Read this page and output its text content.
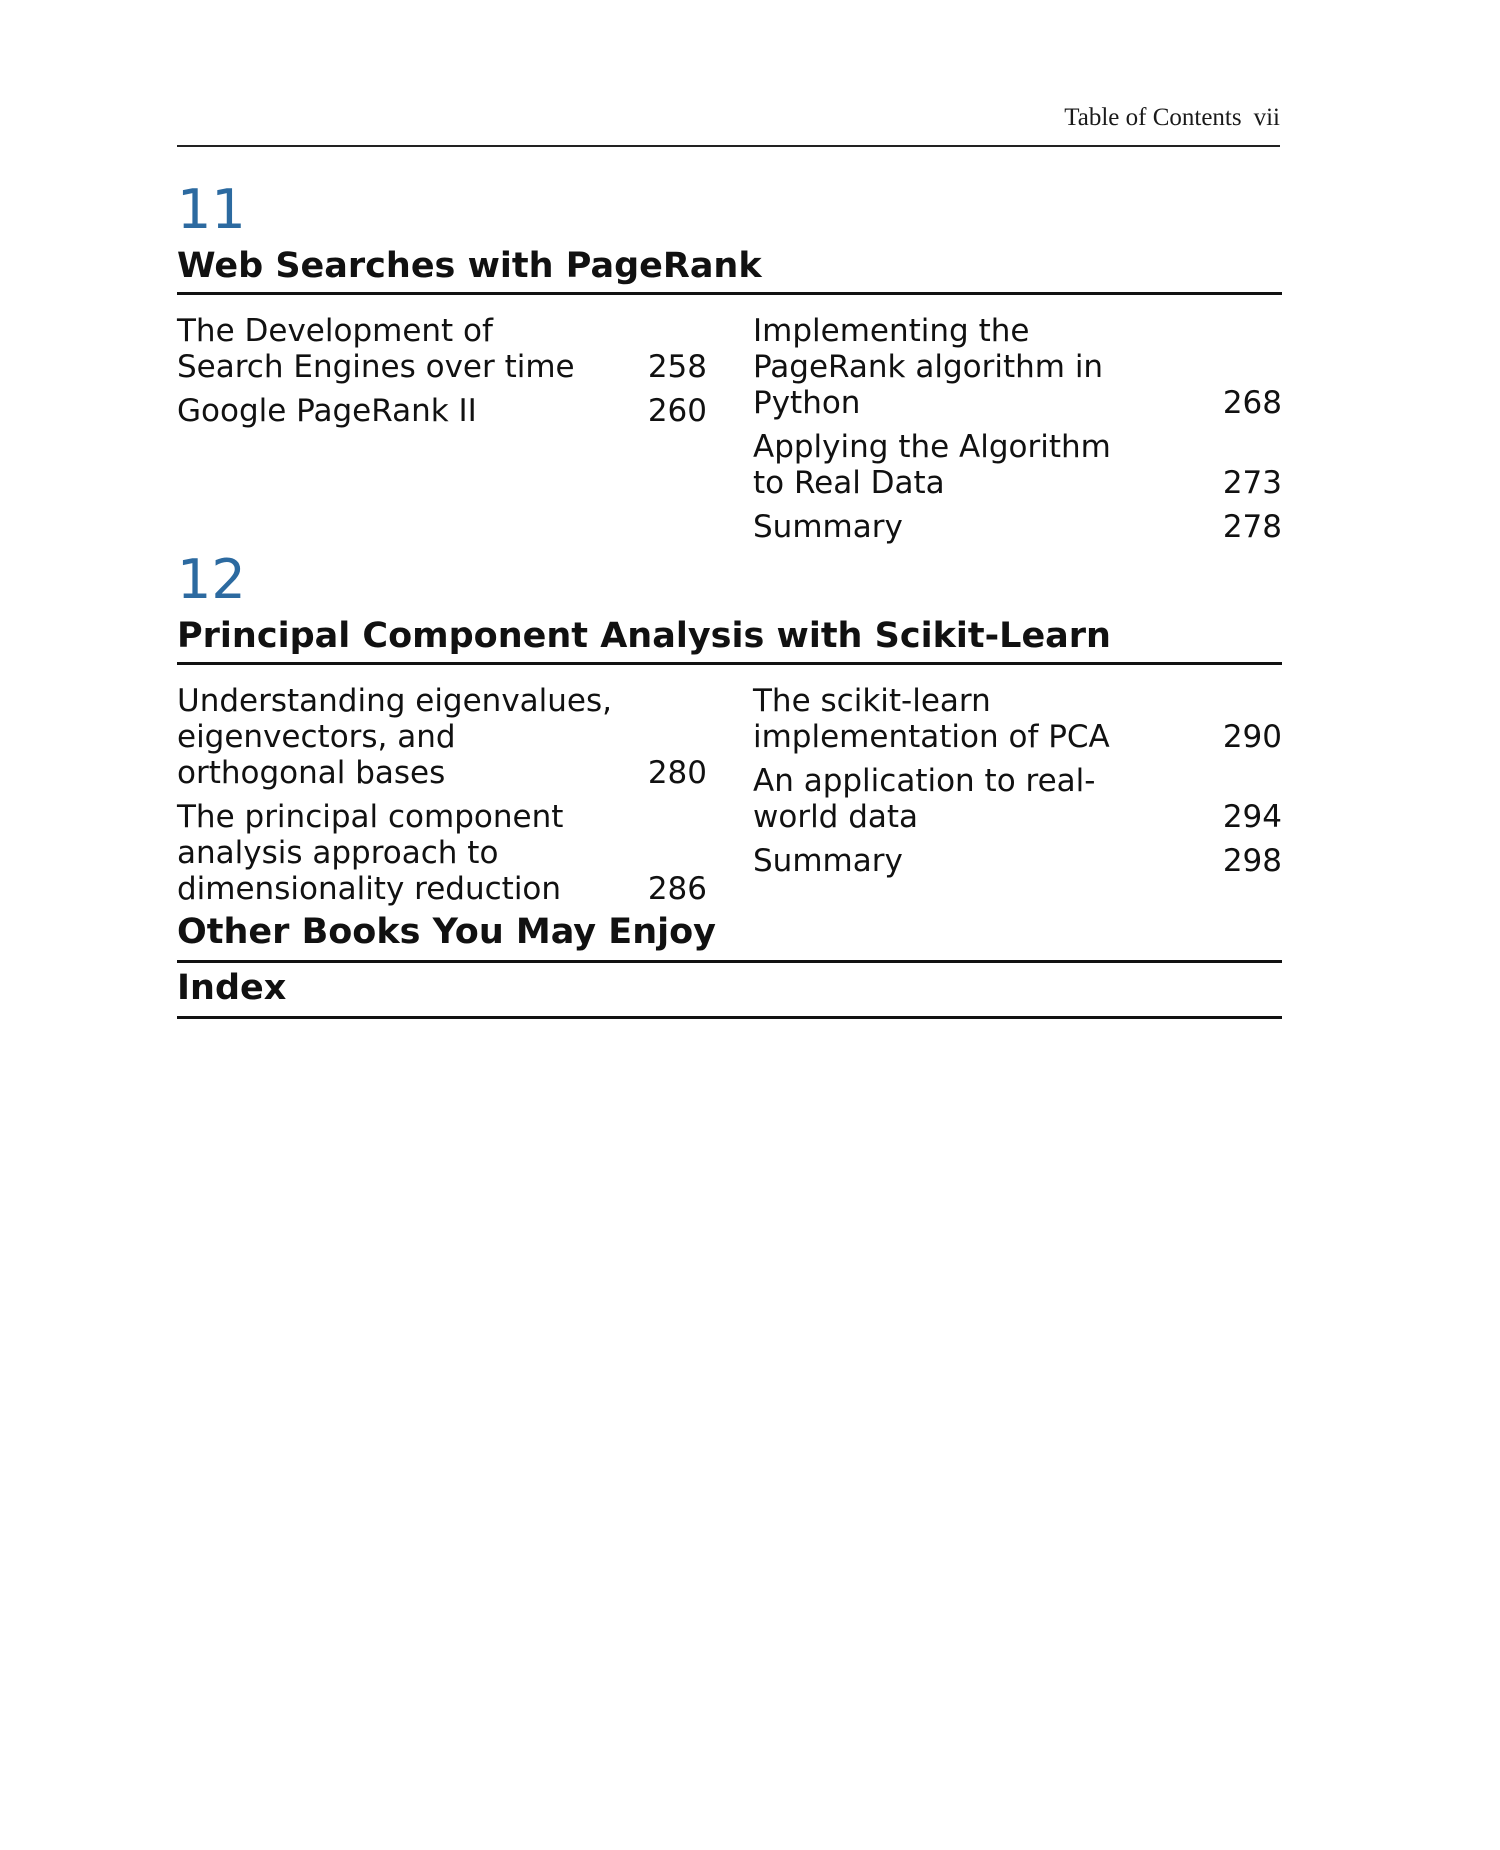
Table of Contents vii
11
Web Searches with PageRank
The Development of Search Engines over time	258
Google PageRank II	260
Implementing the PageRank algorithm in Python	268
Applying the Algorithm to Real Data	273
Summary	278
12
Principal Component Analysis with Scikit-Learn
Understanding eigenvalues, eigenvectors, and orthogonal bases	280
The principal component analysis approach to dimensionality reduction	286
The scikit-learn implementation of PCA	290
An application to real-world data	294
Summary	298
Other Books You May Enjoy
Index
